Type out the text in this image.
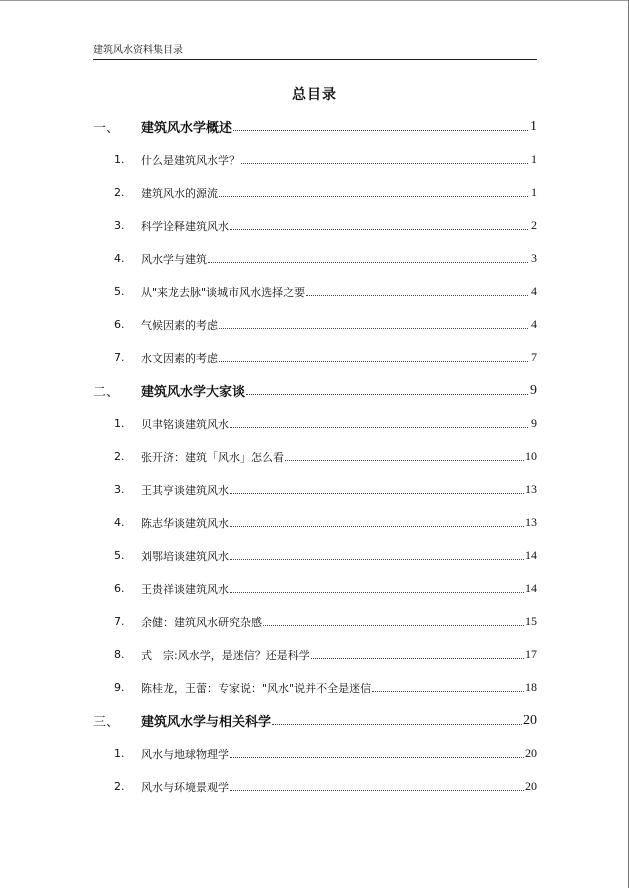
建筑风水资料集目录
总目录
一、	建筑风水学概述	1
1.	什么是建筑风水学？	1
2.	建筑风水的源流	1
3.	科学诠释建筑风水	2
4.	风水学与建筑	3
5.	从"来龙去脉"谈城市风水选择之要	4
6.	气候因素的考虑	4
7.	水文因素的考虑	7
二、	建筑风水学大家谈	9
1.	贝聿铭谈建筑风水	9
2.	张开济：建筑「风水」怎么看	10
3.	王其亨谈建筑风水	13
4.	陈志华谈建筑风水	13
5.	刘鄂培谈建筑风水	14
6.	王贵祥谈建筑风水	14
7.	余健：建筑风水研究杂感	15
8.	式　宗:风水学，是迷信？还是科学	17
9.	陈桂龙，王蕾：专家说："风水"说并不全是迷信	18
三、	建筑风水学与相关科学	20
1.	风水与地球物理学	20
2.	风水与环境景观学	20
